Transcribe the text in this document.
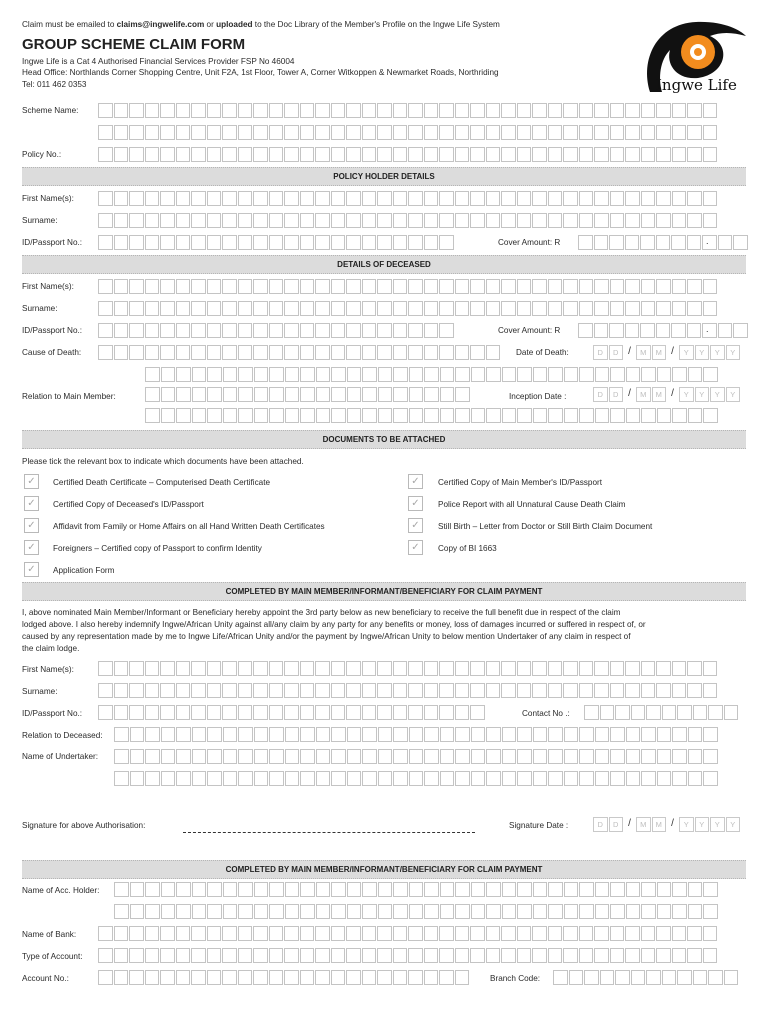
Claim must be emailed to claims@ingwelife.com or uploaded to the Doc Library of the Member's Profile on the Ingwe Life System
GROUP SCHEME CLAIM FORM
Ingwe Life is a Cat 4 Authorised Financial Services Provider FSP No 46004
Head Office: Northlands Corner Shopping Centre, Unit F2A, 1st Floor, Tower A, Corner Witkoppen & Newmarket Roads, Northriding
Tel: 011 462 0353	Ingwe Life
Scheme Name:
Policy No.:
POLICY HOLDER DETAILS
First Name(s):
Surname:
ID/Passport No.:	Cover Amount: R	.
DETAILS OF DECEASED
First Name(s):
Surname:
ID/Passport No.:	Cover Amount: R	.
Cause of Death:	Date of Death:	D	D /	M	M /	Y	Y	Y	Y
Relation to Main Member:	Inception Date :	D	D /	M	M /	Y	Y	Y	Y
DOCUMENTS TO BE ATTACHED
Please tick the relevant box to indicate which documents have been attached.
✓	Certified Death Certificate – Computerised Death Certificate
✓	Certified Copy of Deceased's ID/Passport
✓	Affidavit from Family or Home Affairs on all Hand Written Death Certificates
✓	Foreigners – Certified copy of Passport to confirm Identity
✓	Application Form
✓	Certified Copy of Main Member's ID/Passport
✓	Police Report with all Unnatural Cause Death Claim
✓	Still Birth – Letter from Doctor or Still Birth Claim Document
✓	Copy of BI 1663
COMPLETED BY MAIN MEMBER/INFORMANT/BENEFICIARY FOR CLAIM PAYMENT
I, above nominated Main Member/Informant or Beneficiary hereby appoint the 3rd party below as new beneficiary to receive the full benefit due in respect of the claim
lodged above. I also hereby indemnify Ingwe/African Unity against all/any claim by any party for any benefits or money, loss of damages incurred or suffered in respect of, or
caused by any representation made by me to Ingwe Life/African Unity and/or the payment by Ingwe/African Unity to below mention Undertaker of any claim in respect of
the claim lodge.
First Name(s):
Surname:
ID/Passport No.:	Contact No .:
Relation to Deceased:
Name of Undertaker:
Signature for above Authorisation:	Signature Date :	D	D /	M	M /	Y	Y	Y	Y
COMPLETED BY MAIN MEMBER/INFORMANT/BENEFICIARY FOR CLAIM PAYMENT
Name of Acc. Holder:
Name of Bank:
Type of Account:
Account No.:	Branch Code:
